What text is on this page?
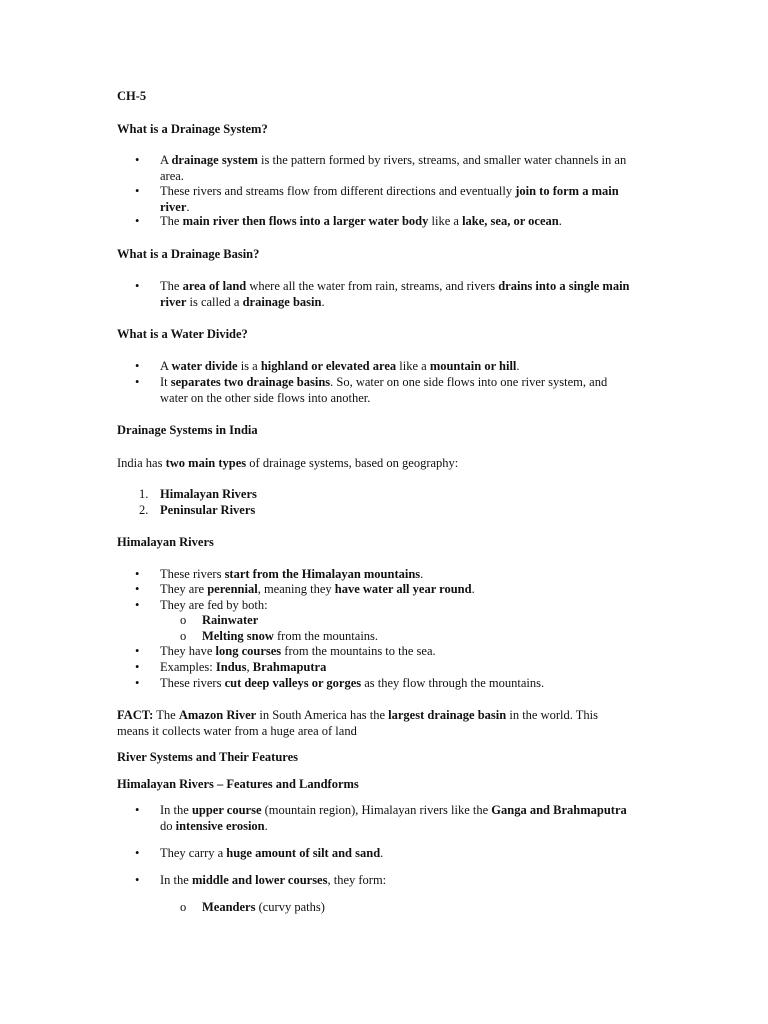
CH-5
What is a Drainage System?
• A drainage system is the pattern formed by rivers, streams, and smaller water channels in an
area.
• These rivers and streams flow from different directions and eventually join to form a main
river.
• The main river then flows into a larger water body like a lake, sea, or ocean.
What is a Drainage Basin?
• The area of land where all the water from rain, streams, and rivers drains into a single main
river is called a drainage basin.
What is a Water Divide?
• A water divide is a highland or elevated area like a mountain or hill.
• It separates two drainage basins. So, water on one side flows into one river system, and
water on the other side flows into another.
Drainage Systems in India
India has two main types of drainage systems, based on geography:
1. Himalayan Rivers
2. Peninsular Rivers
Himalayan Rivers
• These rivers start from the Himalayan mountains.
• They are perennial, meaning they have water all year round.
• They are fed by both:
o Rainwater
o Melting snow from the mountains.
• They have long courses from the mountains to the sea.
• Examples: Indus, Brahmaputra
• These rivers cut deep valleys or gorges as they flow through the mountains.
FACT: The Amazon River in South America has the largest drainage basin in the world. This
means it collects water from a huge area of land
River Systems and Their Features
Himalayan Rivers – Features and Landforms
• In the upper course (mountain region), Himalayan rivers like the Ganga and Brahmaputra
do intensive erosion.
• They carry a huge amount of silt and sand.
• In the middle and lower courses, they form:
o Meanders (curvy paths)
